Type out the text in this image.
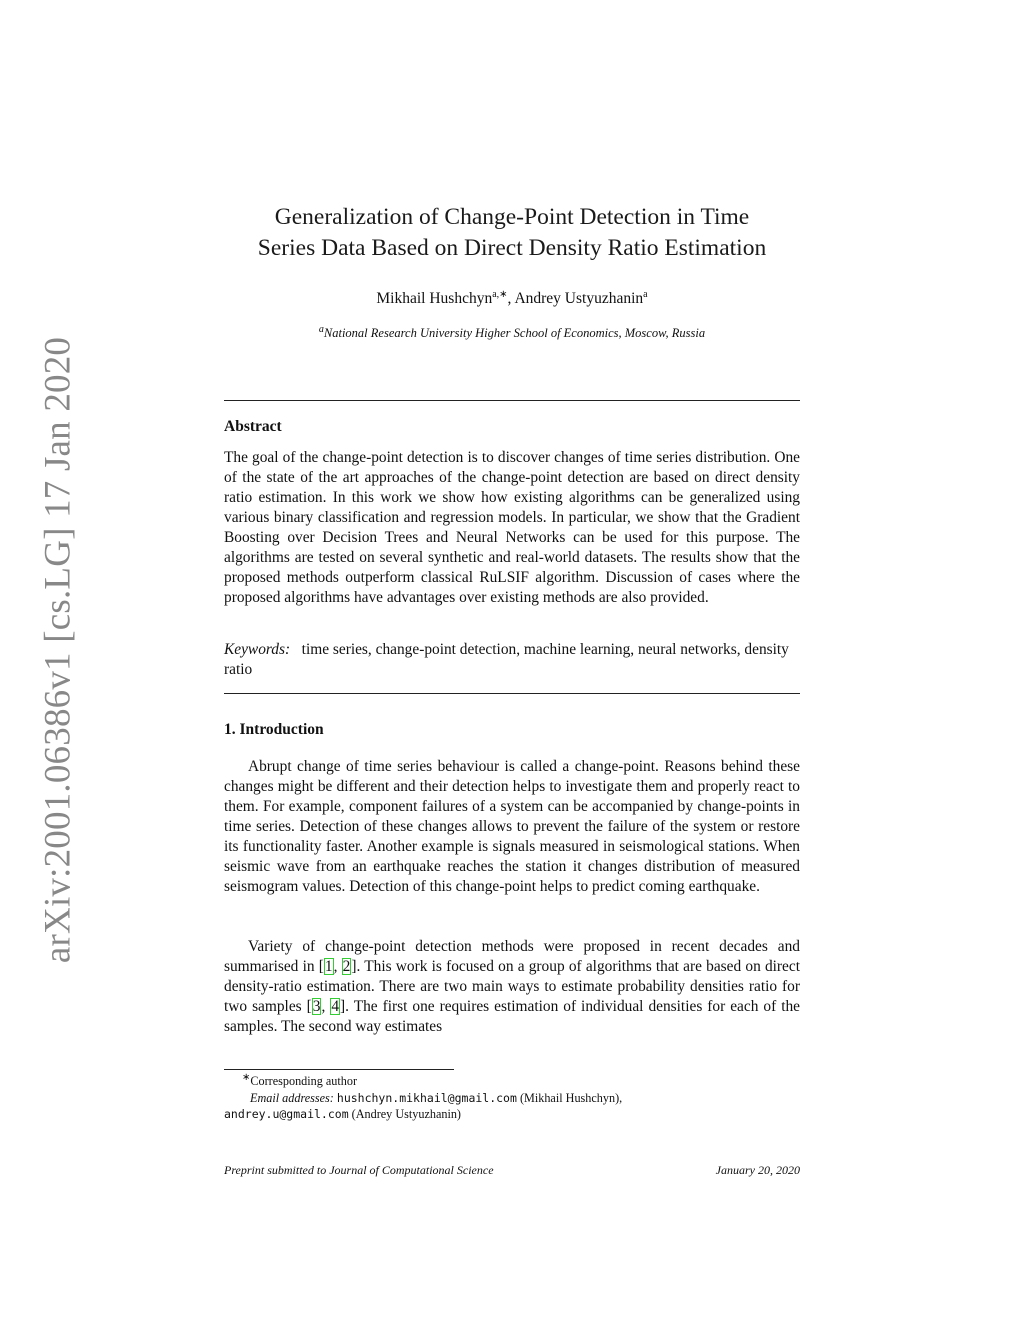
arXiv:2001.06386v1 [cs.LG] 17 Jan 2020
Generalization of Change-Point Detection in Time
Series Data Based on Direct Density Ratio Estimation
Mikhail Hushchyn$^{a,∗}$, Andrey Ustyuzhanin$^a$
$^a$National Research University Higher School of Economics, Moscow, Russia
Abstract

The goal of the change-point detection is to discover changes of time series distribution. One of the state of the art approaches of the change-point detection are based on direct density ratio estimation. In this work we show how existing algorithms can be generalized using various binary classification and regression models. In particular, we show that the Gradient Boosting over Decision Trees and Neural Networks can be used for this purpose. The algorithms are tested on several synthetic and real-world datasets. The results show that the proposed methods outperform classical RuLSIF algorithm. Discussion of cases where the proposed algorithms have advantages over existing methods are also provided.

Keywords: time series, change-point detection, machine learning, neural networks, density ratio

1. Introduction

Abrupt change of time series behaviour is called a change-point. Reasons behind these changes might be different and their detection helps to investigate them and properly react to them. For example, component failures of a system can be accompanied by change-points in time series. Detection of these changes allows to prevent the failure of the system or restore its functionality faster. Another example is signals measured in seismological stations. When seismic wave from an earthquake reaches the station it changes distribution of measured seismogram values. Detection of this change-point helps to predict coming earthquake.

Variety of change-point detection methods were proposed in recent decades and summarised in [1, 2]. This work is focused on a group of algorithms that are based on direct density-ratio estimation. There are two main ways to estimate probability densities ratio for two samples [3, 4]. The first one requires estimation of individual densities for each of the samples. The second way estimates

∗Corresponding author

Email addresses: hushchyn.mikhail@gmail.com (Mikhail Hushchyn),
andrey.u@gmail.com (Andrey Ustyuzhanin)

Preprint submitted to Journal of Computational Science	January 20, 2020
